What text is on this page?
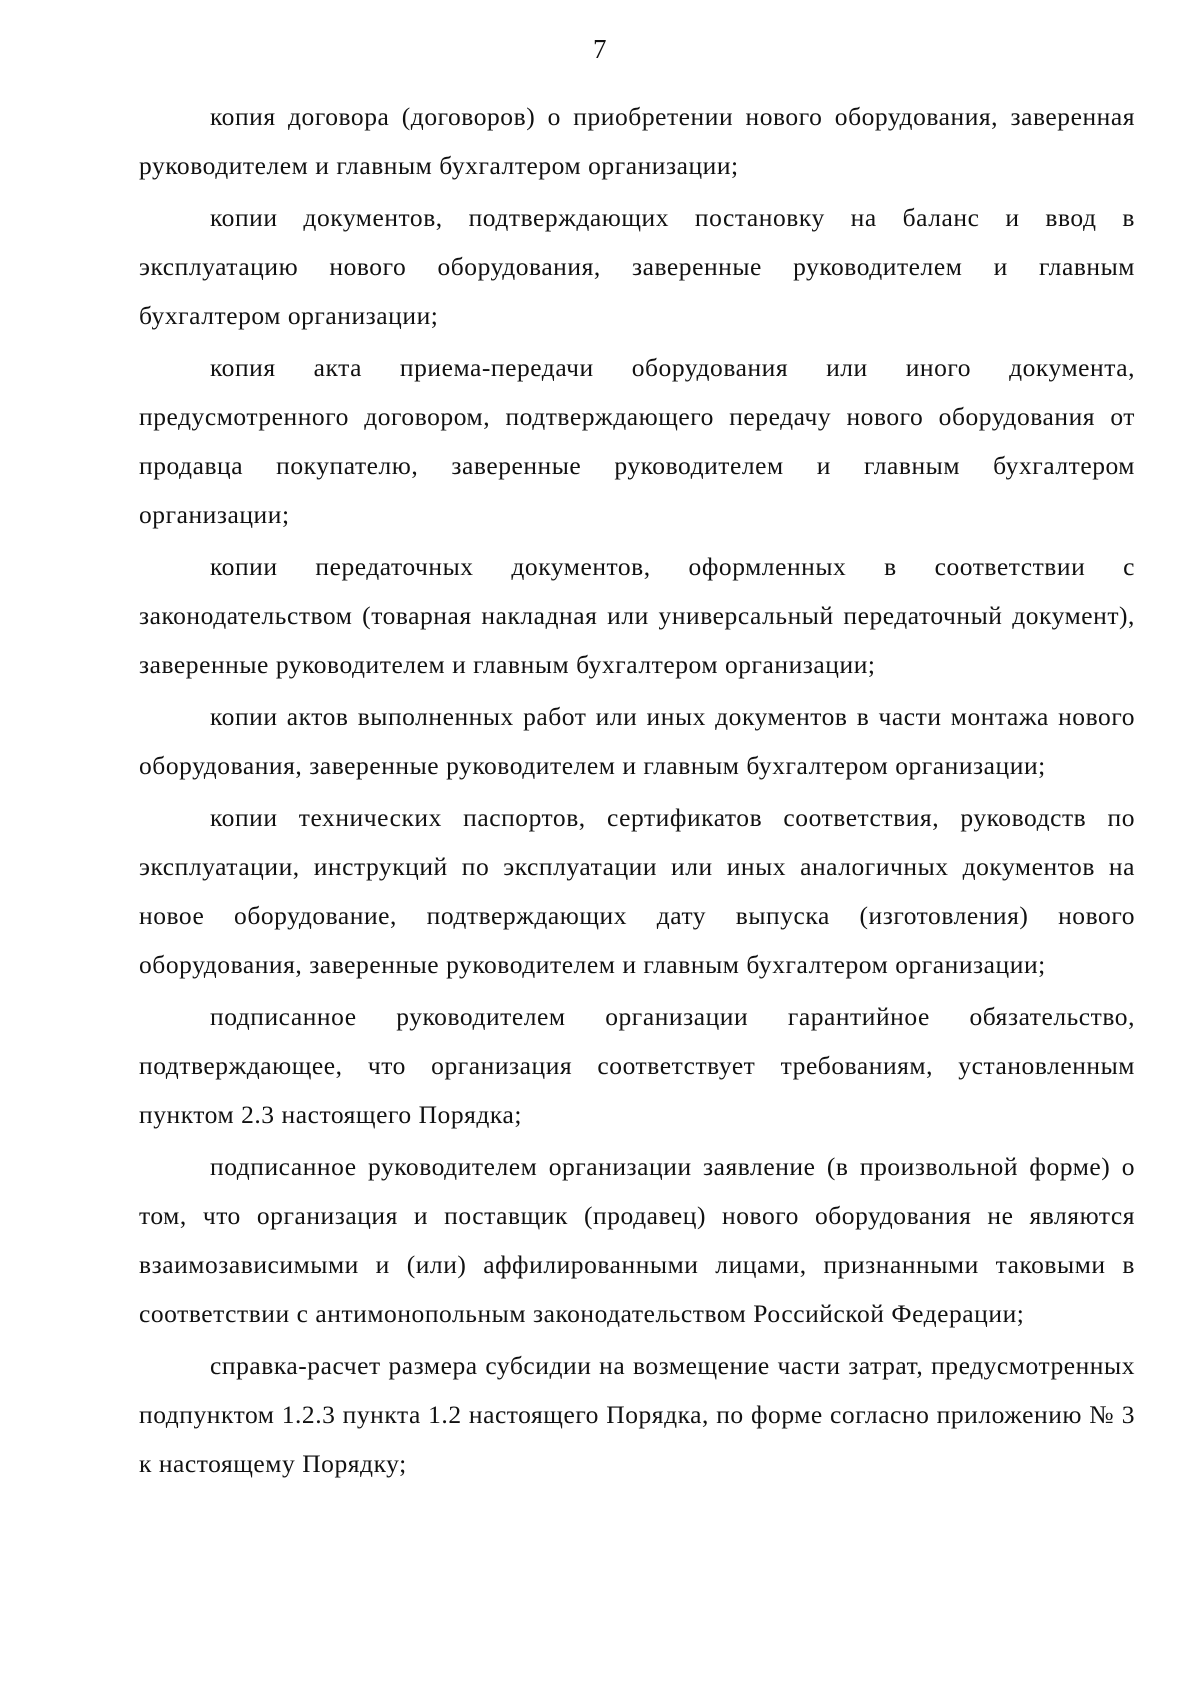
7

копия договора (договоров) о приобретении нового оборудования, заверенная руководителем и главным бухгалтером организации;

копии документов, подтверждающих постановку на баланс и ввод в эксплуатацию нового оборудования, заверенные руководителем и главным бухгалтером организации;

копия акта приема-передачи оборудования или иного документа, предусмотренного договором, подтверждающего передачу нового оборудования от продавца покупателю, заверенные руководителем и главным бухгалтером организации;

копии передаточных документов, оформленных в соответствии с законодательством (товарная накладная или универсальный передаточный документ), заверенные руководителем и главным бухгалтером организации;

копии актов выполненных работ или иных документов в части монтажа нового оборудования, заверенные руководителем и главным бухгалтером организации;

копии технических паспортов, сертификатов соответствия, руководств по эксплуатации, инструкций по эксплуатации или иных аналогичных документов на новое оборудование, подтверждающих дату выпуска (изготовления) нового оборудования, заверенные руководителем и главным бухгалтером организации;

подписанное руководителем организации гарантийное обязательство, подтверждающее, что организация соответствует требованиям, установленным пунктом 2.3 настоящего Порядка;

подписанное руководителем организации заявление (в произвольной форме) о том, что организация и поставщик (продавец) нового оборудования не являются взаимозависимыми и (или) аффилированными лицами, признанными таковыми в соответствии с антимонопольным законодательством Российской Федерации;

справка-расчет размера субсидии на возмещение части затрат, предусмотренных подпунктом 1.2.3 пункта 1.2 настоящего Порядка, по форме согласно приложению № 3 к настоящему Порядку;
